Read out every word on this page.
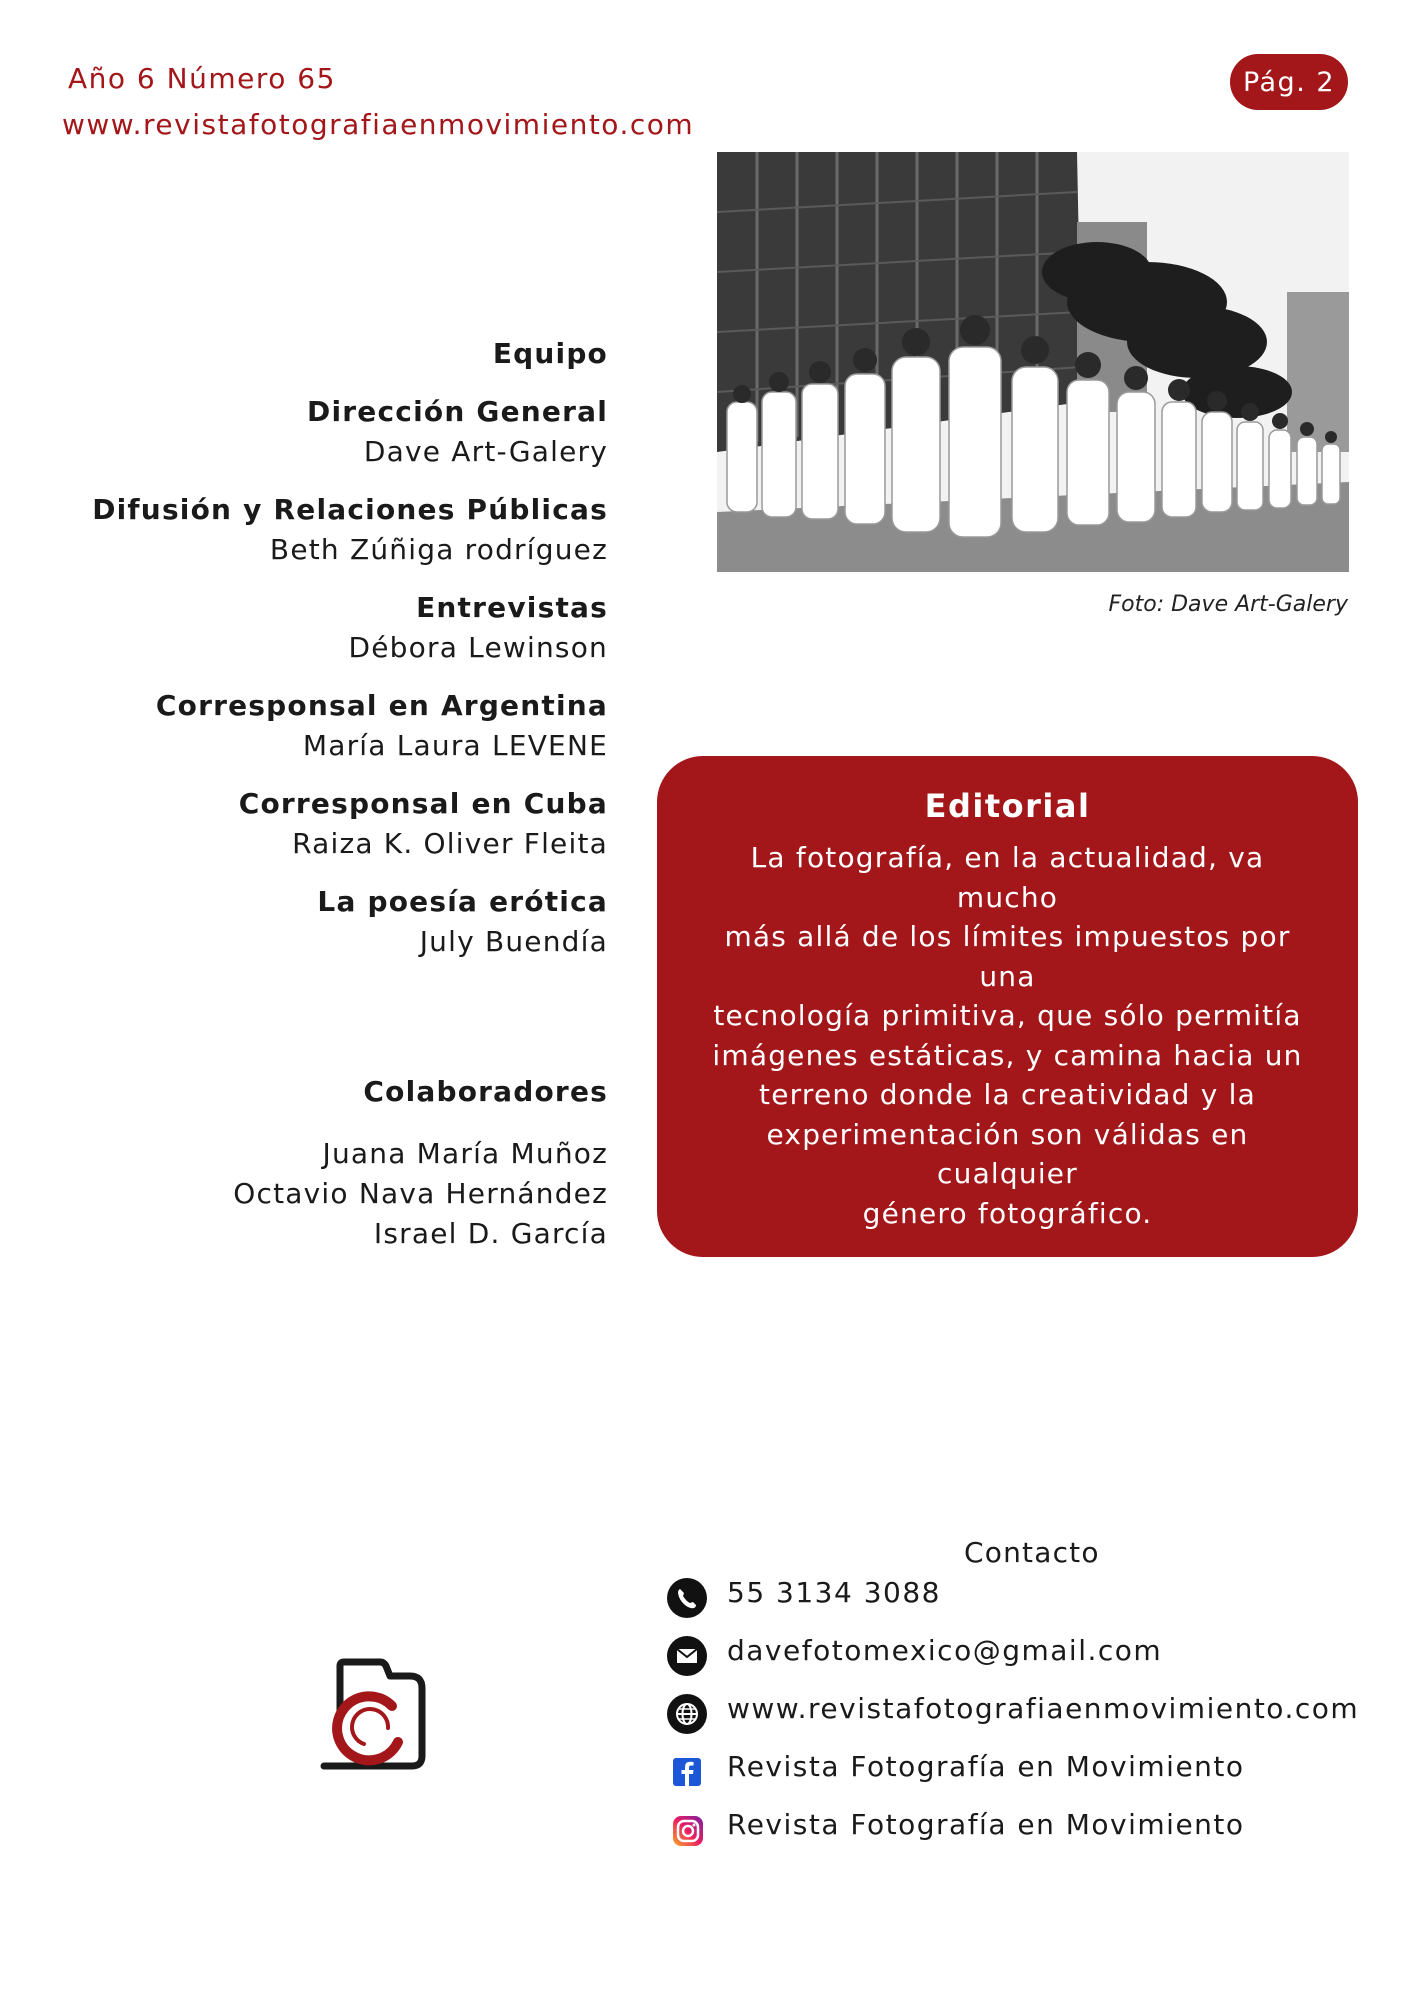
Año 6 Número 65
www.revistafotografiaenmovimiento.com
Pág. 2
Foto: Dave Art-Galery
Equipo
Dirección General
Dave Art-Galery
Difusión y Relaciones Públicas
Beth Zúñiga rodríguez
Entrevistas
Débora Lewinson
Corresponsal en Argentina
María Laura LEVENE
Corresponsal en Cuba
Raiza K. Oliver Fleita
La poesía erótica
July Buendía
Colaboradores
Juana María Muñoz
Octavio Nava Hernández
Israel D. García
Editorial
La fotografía, en la actualidad, va mucho
más allá de los límites impuestos por una
tecnología primitiva, que sólo permitía
imágenes estáticas, y camina hacia un
terreno donde la creatividad y la
experimentación son válidas en cualquier
género fotográfico.
Sean bienvenidos
Dave Art-Galery Director General
Contacto
55 3134 3088
davefotomexico@gmail.com
www.revistafotografiaenmovimiento.com
Revista Fotografía en Movimiento
Revista Fotografía en Movimiento
